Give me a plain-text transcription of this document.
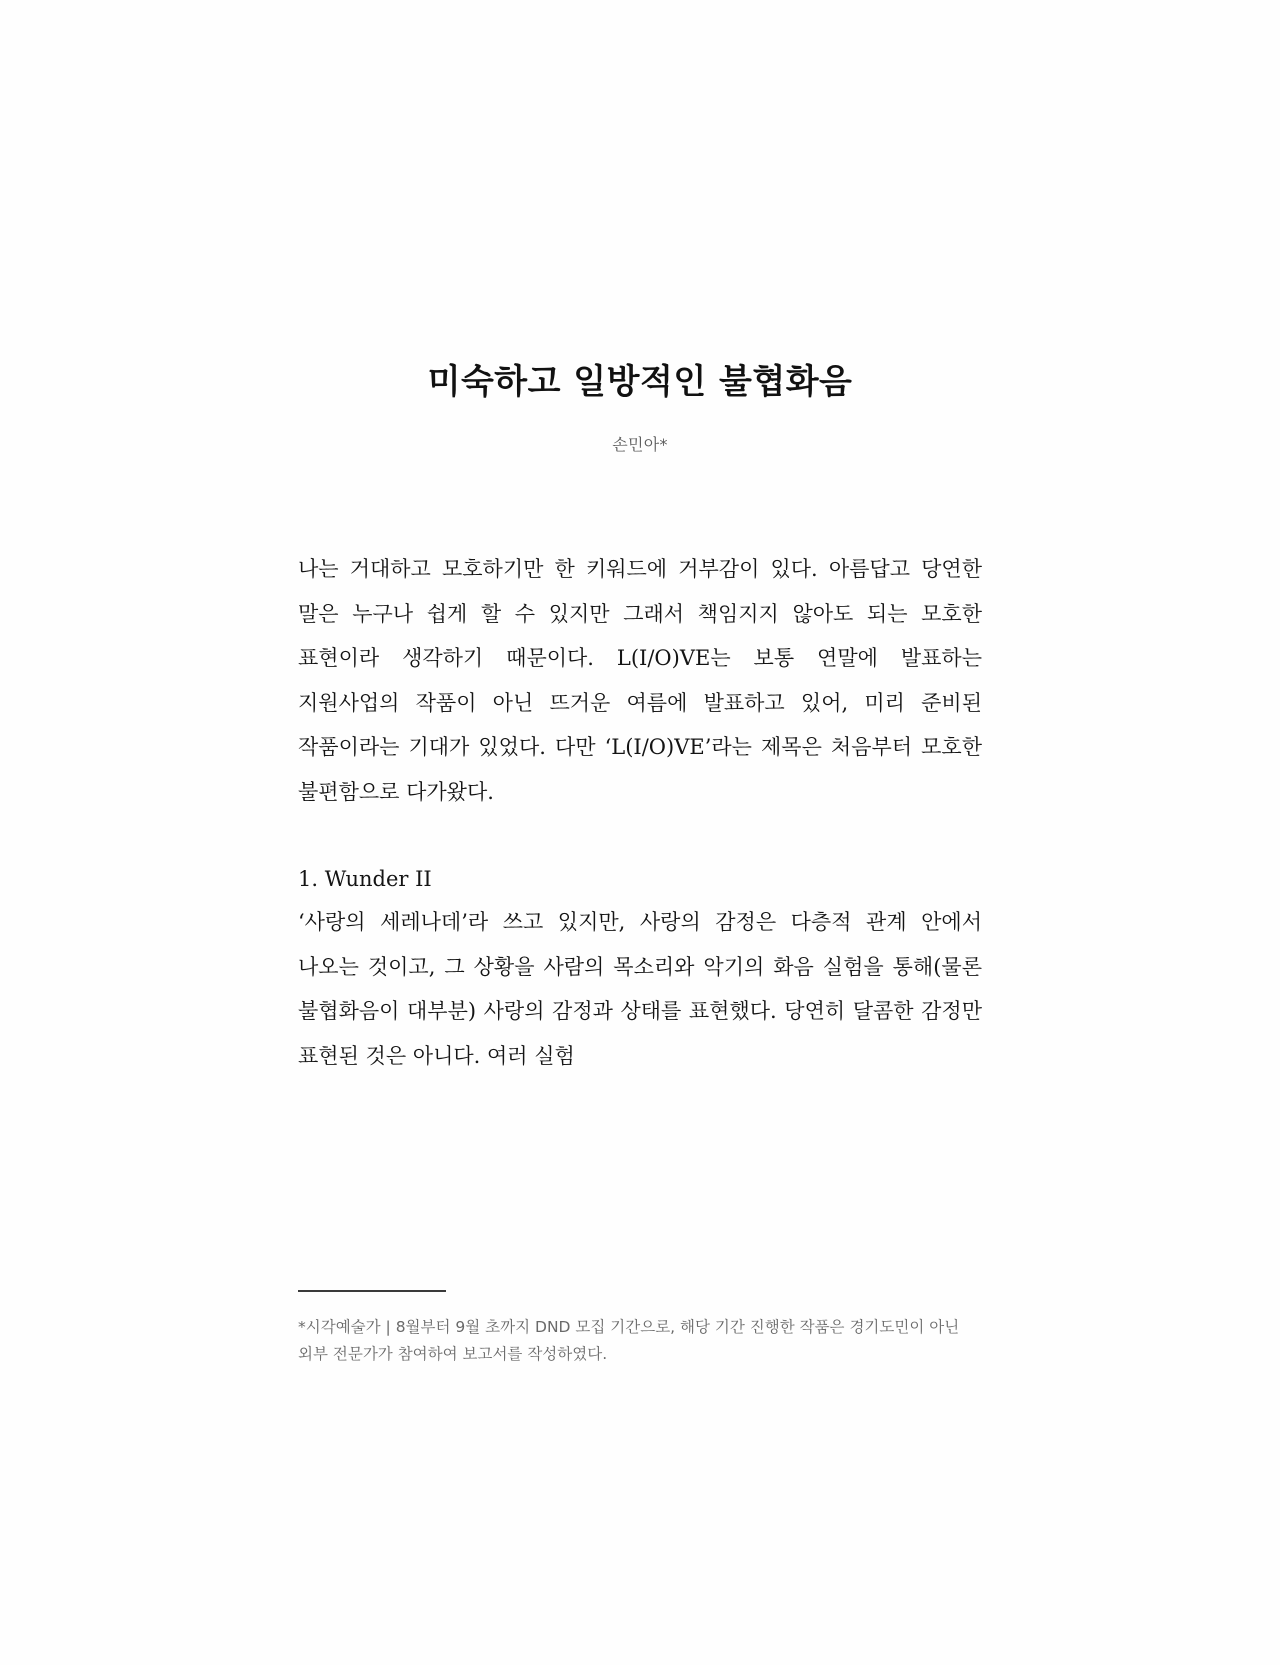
미숙하고 일방적인 불협화음

손민아*

나는 거대하고 모호하기만 한 키워드에 거부감이 있다. 아름답고 당연한 말은 누구나 쉽게 할 수 있지만 그래서 책임지지 않아도 되는 모호한 표현이라 생각하기 때문이다. L(I/O)VE는 보통 연말에 발표하는 지원사업의 작품이 아닌 뜨거운 여름에 발표하고 있어, 미리 준비된 작품이라는 기대가 있었다. 다만 ‘L(I/O)VE’라는 제목은 처음부터 모호한 불편함으로 다가왔다.

1. Wunder II

‘사랑의 세레나데’라 쓰고 있지만, 사랑의 감정은 다층적 관계 안에서 나오는 것이고, 그 상황을 사람의 목소리와 악기의 화음 실험을 통해(물론 불협화음이 대부분) 사랑의 감정과 상태를 표현했다. 당연히 달콤한 감정만 표현된 것은 아니다. 여러 실험

*시각예술가 | 8월부터 9월 초까지 DND 모집 기간으로, 해당 기간 진행한 작품은 경기도민이 아닌 외부 전문가가 참여하여 보고서를 작성하였다.
